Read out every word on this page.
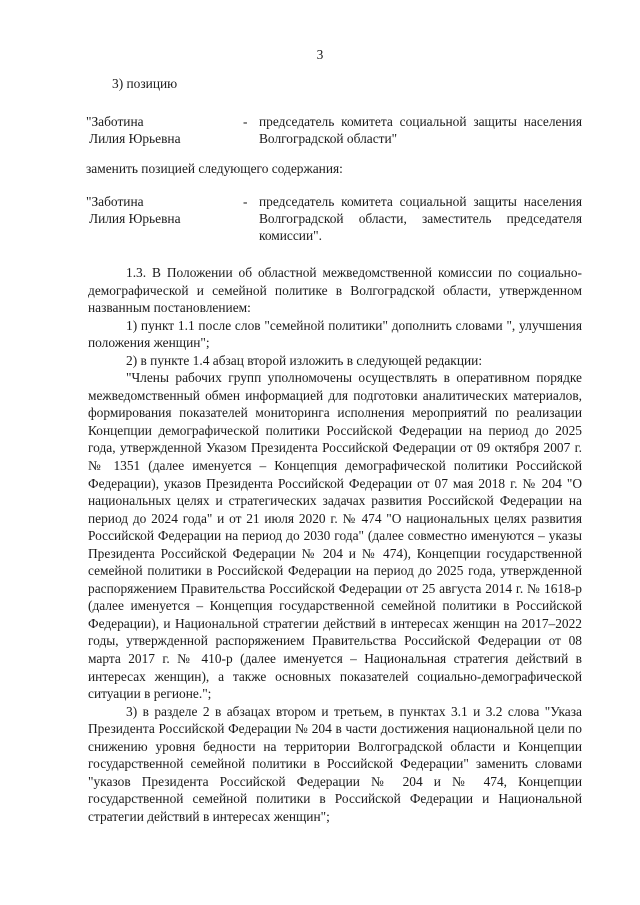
3
3) позицию
"Заботина
Лилия Юрьевна
- председатель комитета социальной защиты населения Волгоградской области"
заменить позицией следующего содержания:
"Заботина
Лилия Юрьевна
- председатель комитета социальной защиты населения Волгоградской области, заместитель председателя комиссии".

1.3. В Положении об областной межведомственной комиссии по социально-демографической и семейной политике в Волгоградской области, утвержденном названным постановлением:

1) пункт 1.1 после слов "семейной политики" дополнить словами ", улучшения положения женщин";

2) в пункте 1.4 абзац второй изложить в следующей редакции:

"Члены рабочих групп уполномочены осуществлять в оперативном порядке межведомственный обмен информацией для подготовки аналитических материалов, формирования показателей мониторинга исполнения мероприятий по реализации Концепции демографической политики Российской Федерации на период до 2025 года, утвержденной Указом Президента Российской Федерации от 09 октября 2007 г. № 1351 (далее именуется – Концепция демографической политики Российской Федерации), указов Президента Российской Федерации от 07 мая 2018 г. № 204 "О национальных целях и стратегических задачах развития Российской Федерации на период до 2024 года" и от 21 июля 2020 г. № 474 "О национальных целях развития Российской Федерации на период до 2030 года" (далее совместно именуются – указы Президента Российской Федерации № 204 и № 474), Концепции государственной семейной политики в Российской Федерации на период до 2025 года, утвержденной распоряжением Правительства Российской Федерации от 25 августа 2014 г. № 1618-р (далее именуется – Концепция государственной семейной политики в Российской Федерации), и Национальной стратегии действий в интересах женщин на 2017–2022 годы, утвержденной распоряжением Правительства Российской Федерации от 08 марта 2017 г. № 410-р (далее именуется – Национальная стратегия действий в интересах женщин), а также основных показателей социально-демографической ситуации в регионе.";

3) в разделе 2 в абзацах втором и третьем, в пунктах 3.1 и 3.2 слова "Указа Президента Российской Федерации № 204 в части достижения национальной цели по снижению уровня бедности на территории Волгоградской области и Концепции государственной семейной политики в Российской Федерации" заменить словами "указов Президента Российской Федерации № 204 и № 474, Концепции государственной семейной политики в Российской Федерации и Национальной стратегии действий в интересах женщин";
